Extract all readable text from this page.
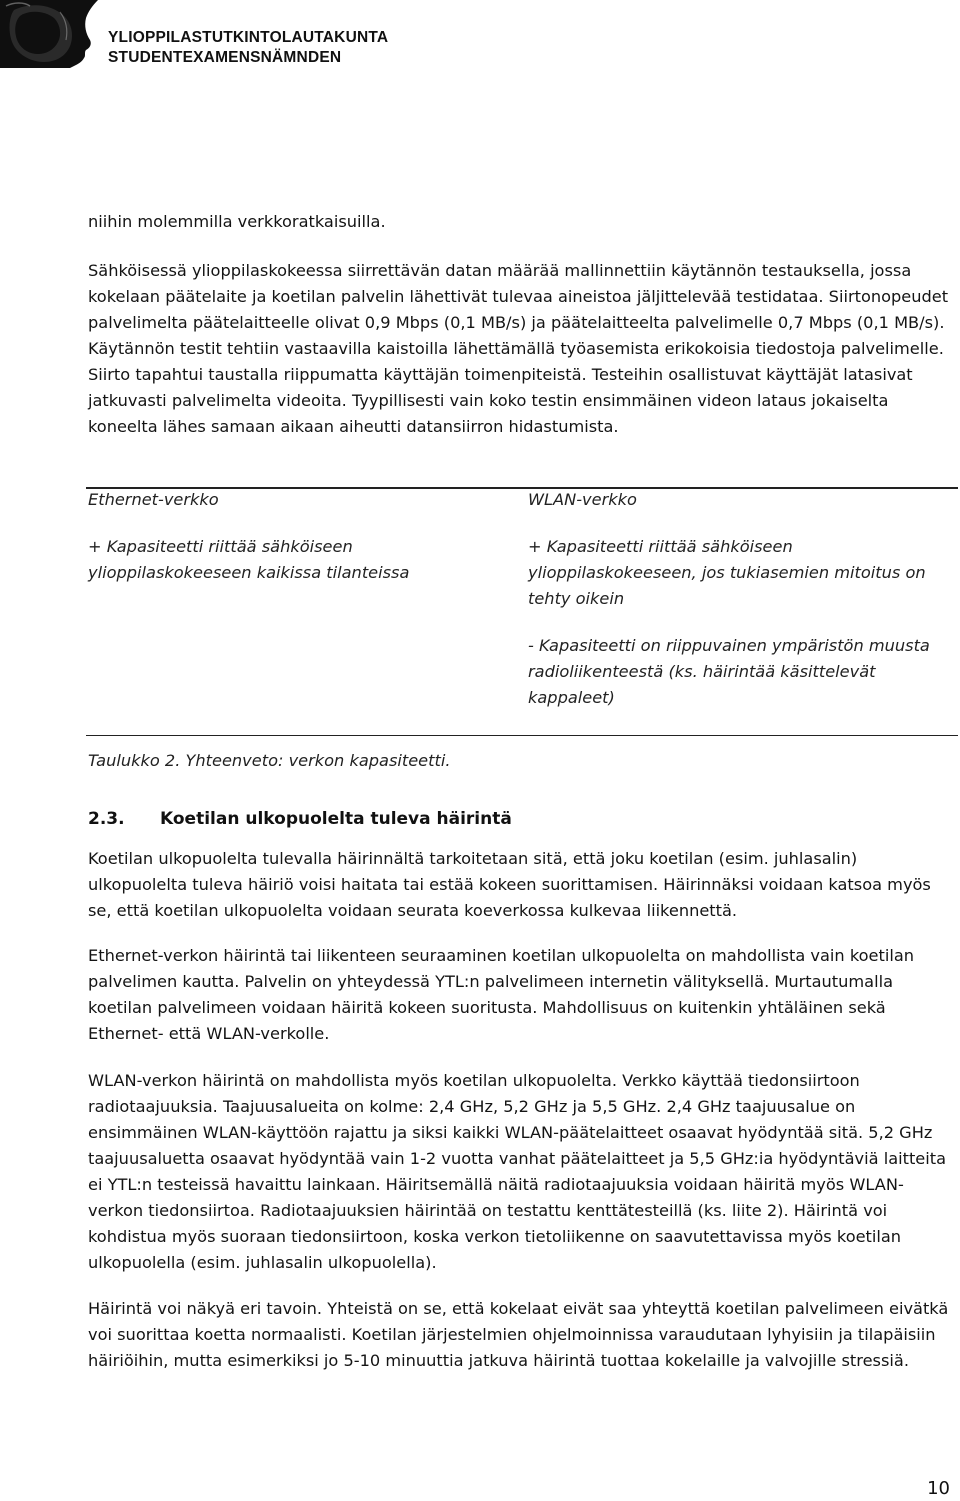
YLIOPPILASTUTKINTOLAUTAKUNTA
STUDENTEXAMENSNÄMNDEN

niihin molemmilla verkkoratkaisuilla.

Sähköisessä ylioppilaskokeessa siirrettävän datan määrää mallinnettiin käytännön testauksella, jossa kokelaan päätelaite ja koetilan palvelin lähettivät tulevaa aineistoa jäljittelevää testidataa. Siirtonopeudet palvelimelta päätelaitteelle olivat 0,9 Mbps (0,1 MB/s) ja päätelaitteelta palvelimelle 0,7 Mbps (0,1 MB/s). Käytännön testit tehtiin vastaavilla kaistoilla lähettämällä työasemista erikokoisia tiedostoja palvelimelle. Siirto tapahtui taustalla riippumatta käyttäjän toimenpiteistä. Testeihin osallistuvat käyttäjät latasivat jatkuvasti palvelimelta videoita. Tyypillisesti vain koko testin ensimmäinen videon lataus jokaiselta koneelta lähes samaan aikaan aiheutti datansiirron hidastumista.

Ethernet-verkko	WLAN-verkko

+ Kapasiteetti riittää sähköiseen ylioppilaskokeeseen kaikissa tilanteissa

+ Kapasiteetti riittää sähköiseen ylioppilaskokeeseen, jos tukiasemien mitoitus on tehty oikein

- Kapasiteetti on riippuvainen ympäristön muusta radioliikenteestä (ks. häirintää käsittelevät kappaleet)

Taulukko 2. Yhteenveto: verkon kapasiteetti.
2.3. Koetilan ulkopuolelta tuleva häirintä

Koetilan ulkopuolelta tulevalla häirinnältä tarkoitetaan sitä, että joku koetilan (esim. juhlasalin) ulkopuolelta tuleva häiriö voisi haitata tai estää kokeen suorittamisen. Häirinnäksi voidaan katsoa myös se, että koetilan ulkopuolelta voidaan seurata koeverkossa kulkevaa liikennettä.

Ethernet-verkon häirintä tai liikenteen seuraaminen koetilan ulkopuolelta on mahdollista vain koetilan palvelimen kautta. Palvelin on yhteydessä YTL:n palvelimeen internetin välityksellä. Murtautumalla koetilan palvelimeen voidaan häiritä kokeen suoritusta. Mahdollisuus on kuitenkin yhtäläinen sekä Ethernet- että WLAN-verkolle.

WLAN-verkon häirintä on mahdollista myös koetilan ulkopuolelta. Verkko käyttää tiedonsiirtoon radiotaajuuksia. Taajuusalueita on kolme: 2,4 GHz, 5,2 GHz ja 5,5 GHz. 2,4 GHz taajuusalue on ensimmäinen WLAN-käyttöön rajattu ja siksi kaikki WLAN-päätelaitteet osaavat hyödyntää sitä. 5,2 GHz taajuusaluetta osaavat hyödyntää vain 1-2 vuotta vanhat päätelaitteet ja 5,5 GHz:ia hyödyntäviä laitteita ei YTL:n testeissä havaittu lainkaan. Häiritsemällä näitä radiotaajuuksia voidaan häiritä myös WLAN-verkon tiedonsiirtoa. Radiotaajuuksien häirintää on testattu kenttätesteillä (ks. liite 2). Häirintä voi kohdistua myös suoraan tiedonsiirtoon, koska verkon tietoliikenne on saavutettavissa myös koetilan ulkopuolella (esim. juhlasalin ulkopuolella).

Häirintä voi näkyä eri tavoin. Yhteistä on se, että kokelaat eivät saa yhteyttä koetilan palvelimeen eivätkä voi suorittaa koetta normaalisti. Koetilan järjestelmien ohjelmoinnissa varaudutaan lyhyisiin ja tilapäisiin häiriöihin, mutta esimerkiksi jo 5-10 minuuttia jatkuva häirintä tuottaa kokelaille ja valvojille stressiä.

10
